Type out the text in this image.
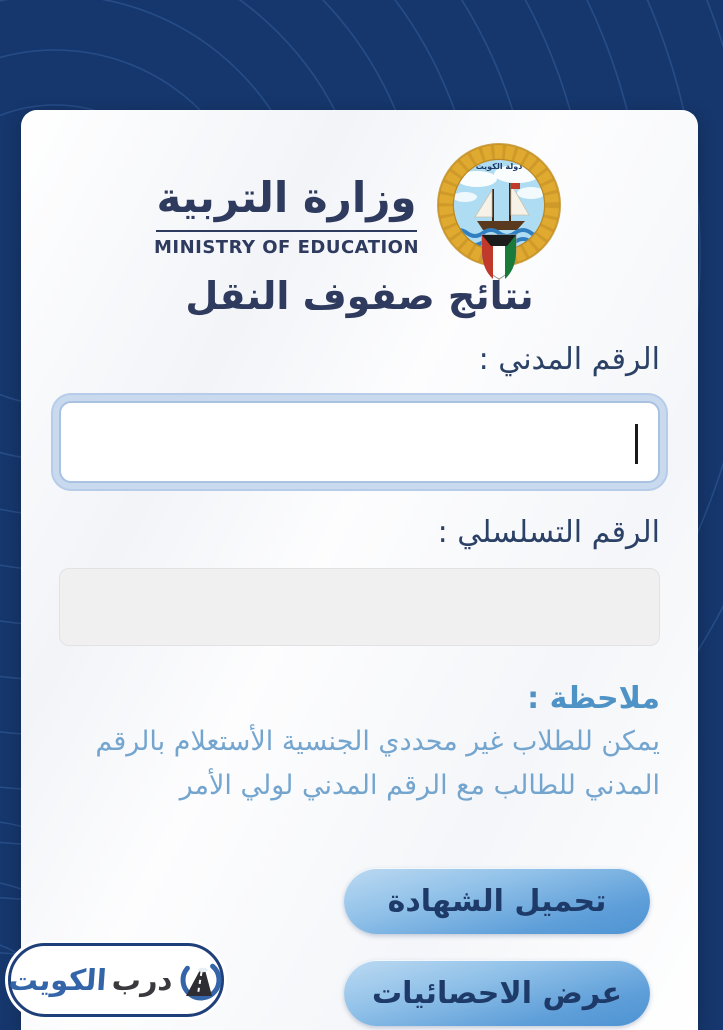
وزارة التربية
MINISTRY OF EDUCATION
دولة الكويت
نتائج صفوف النقل
الرقم المدني :
الرقم التسلسلي :
ملاحظة :
يمكن للطلاب غير محددي الجنسية الأستعلام بالرقم المدني للطالب مع الرقم المدني لولي الأمر
تحميل الشهادة
عرض الاحصائيات
درب
الكويت
